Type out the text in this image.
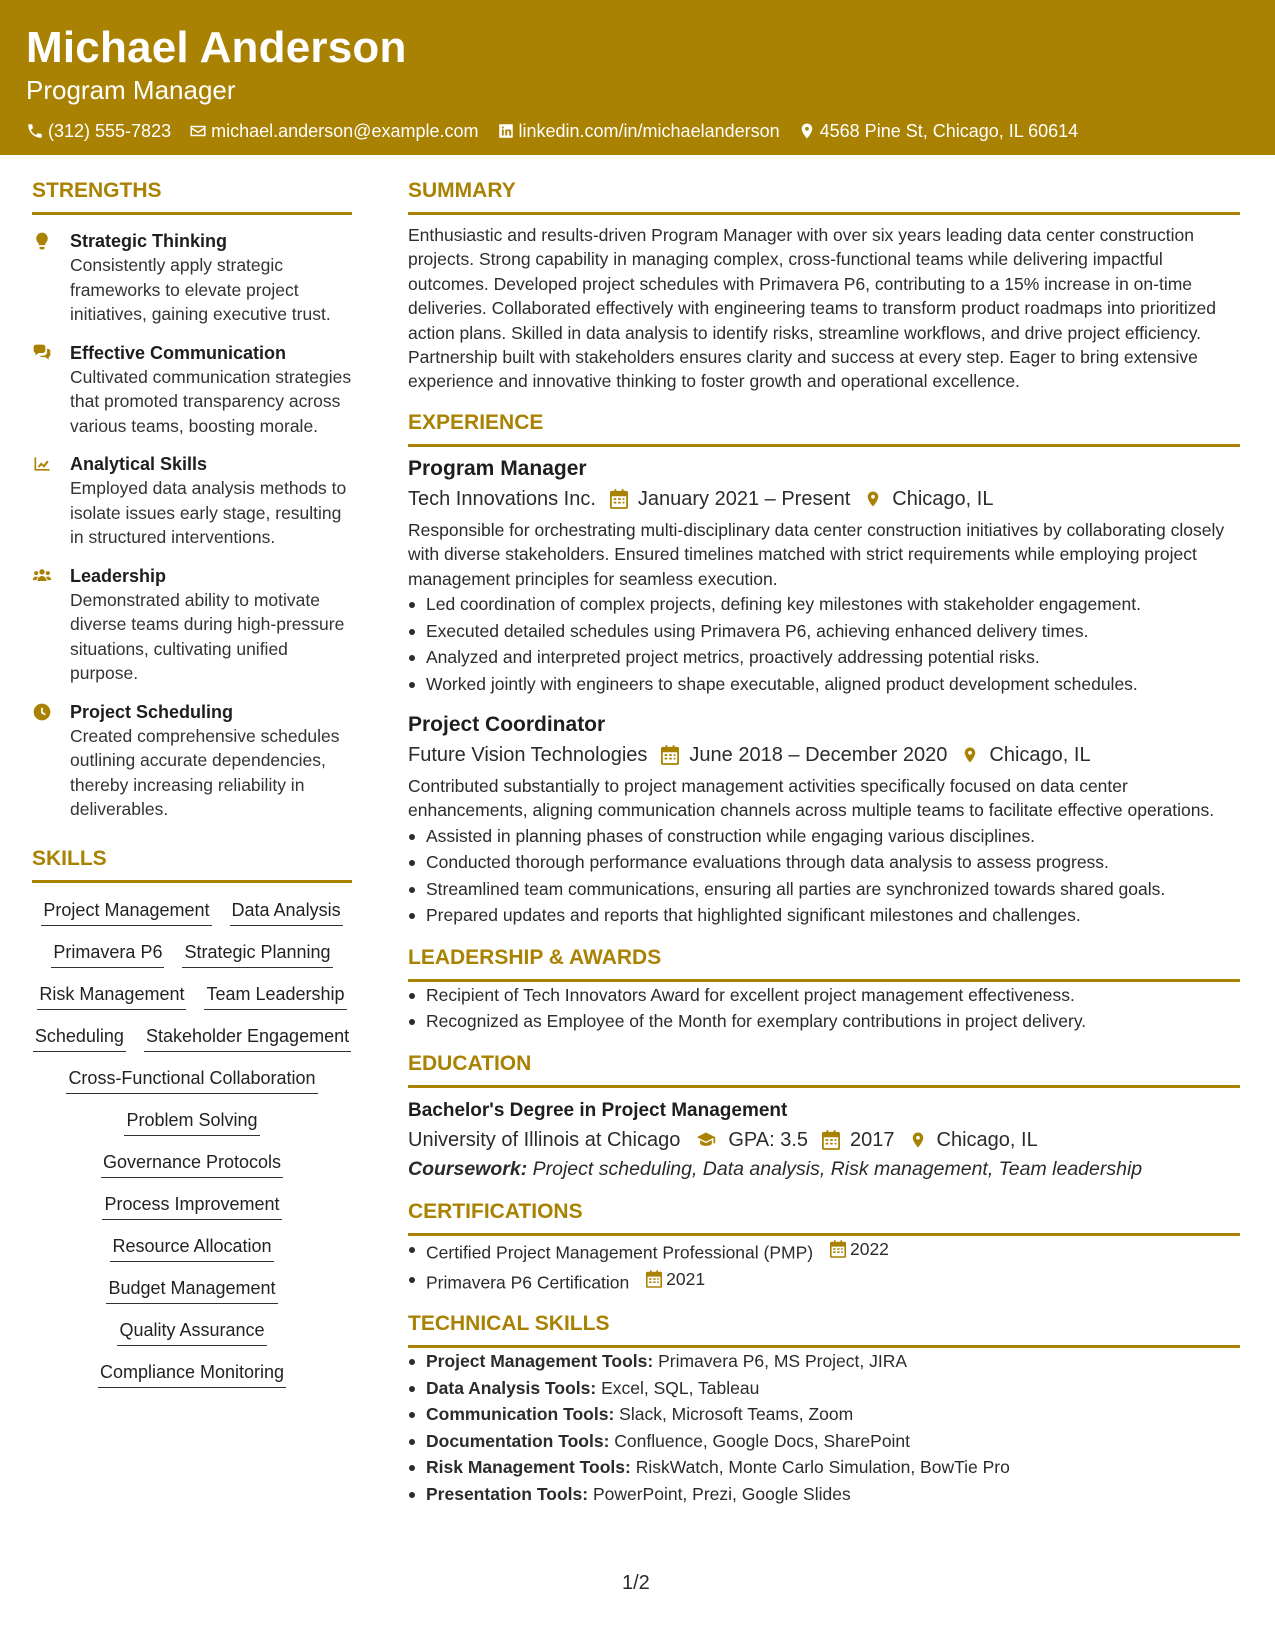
Michael Anderson
Program Manager
(312) 555-7823 michael.anderson@example.com linkedin.com/in/michaelanderson 4568 Pine St, Chicago, IL 60614
STRENGTHS
Strategic Thinking
Consistently apply strategic frameworks to elevate project initiatives, gaining executive trust.
Effective Communication
Cultivated communication strategies that promoted transparency across various teams, boosting morale.
Analytical Skills
Employed data analysis methods to isolate issues early stage, resulting in structured interventions.
Leadership
Demonstrated ability to motivate diverse teams during high-pressure situations, cultivating unified purpose.
Project Scheduling
Created comprehensive schedules outlining accurate dependencies, thereby increasing reliability in deliverables.
SKILLS
Project Management Data Analysis
Primavera P6 Strategic Planning
Risk Management Team Leadership
Scheduling Stakeholder Engagement
Cross-Functional Collaboration
Problem Solving
Governance Protocols
Process Improvement
Resource Allocation
Budget Management
Quality Assurance
Compliance Monitoring
SUMMARY
Enthusiastic and results-driven Program Manager with over six years leading data center construction projects. Strong capability in managing complex, cross-functional teams while delivering impactful outcomes. Developed project schedules with Primavera P6, contributing to a 15% increase in on-time deliveries. Collaborated effectively with engineering teams to transform product roadmaps into prioritized action plans. Skilled in data analysis to identify risks, streamline workflows, and drive project efficiency. Partnership built with stakeholders ensures clarity and success at every step. Eager to bring extensive experience and innovative thinking to foster growth and operational excellence.
EXPERIENCE
Program Manager
Tech Innovations Inc. January 2021 – Present Chicago, IL
Responsible for orchestrating multi-disciplinary data center construction initiatives by collaborating closely with diverse stakeholders. Ensured timelines matched with strict requirements while employing project management principles for seamless execution.
Led coordination of complex projects, defining key milestones with stakeholder engagement.
Executed detailed schedules using Primavera P6, achieving enhanced delivery times.
Analyzed and interpreted project metrics, proactively addressing potential risks.
Worked jointly with engineers to shape executable, aligned product development schedules.
Project Coordinator
Future Vision Technologies June 2018 – December 2020 Chicago, IL
Contributed substantially to project management activities specifically focused on data center enhancements, aligning communication channels across multiple teams to facilitate effective operations.
Assisted in planning phases of construction while engaging various disciplines.
Conducted thorough performance evaluations through data analysis to assess progress.
Streamlined team communications, ensuring all parties are synchronized towards shared goals.
Prepared updates and reports that highlighted significant milestones and challenges.
LEADERSHIP & AWARDS
Recipient of Tech Innovators Award for excellent project management effectiveness.
Recognized as Employee of the Month for exemplary contributions in project delivery.
EDUCATION
Bachelor's Degree in Project Management
University of Illinois at Chicago GPA: 3.5 2017 Chicago, IL
Coursework: Project scheduling, Data analysis, Risk management, Team leadership
CERTIFICATIONS
Certified Project Management Professional (PMP) 2022
Primavera P6 Certification 2021
TECHNICAL SKILLS
Project Management Tools: Primavera P6, MS Project, JIRA
Data Analysis Tools: Excel, SQL, Tableau
Communication Tools: Slack, Microsoft Teams, Zoom
Documentation Tools: Confluence, Google Docs, SharePoint
Risk Management Tools: RiskWatch, Monte Carlo Simulation, BowTie Pro
Presentation Tools: PowerPoint, Prezi, Google Slides
1/2
